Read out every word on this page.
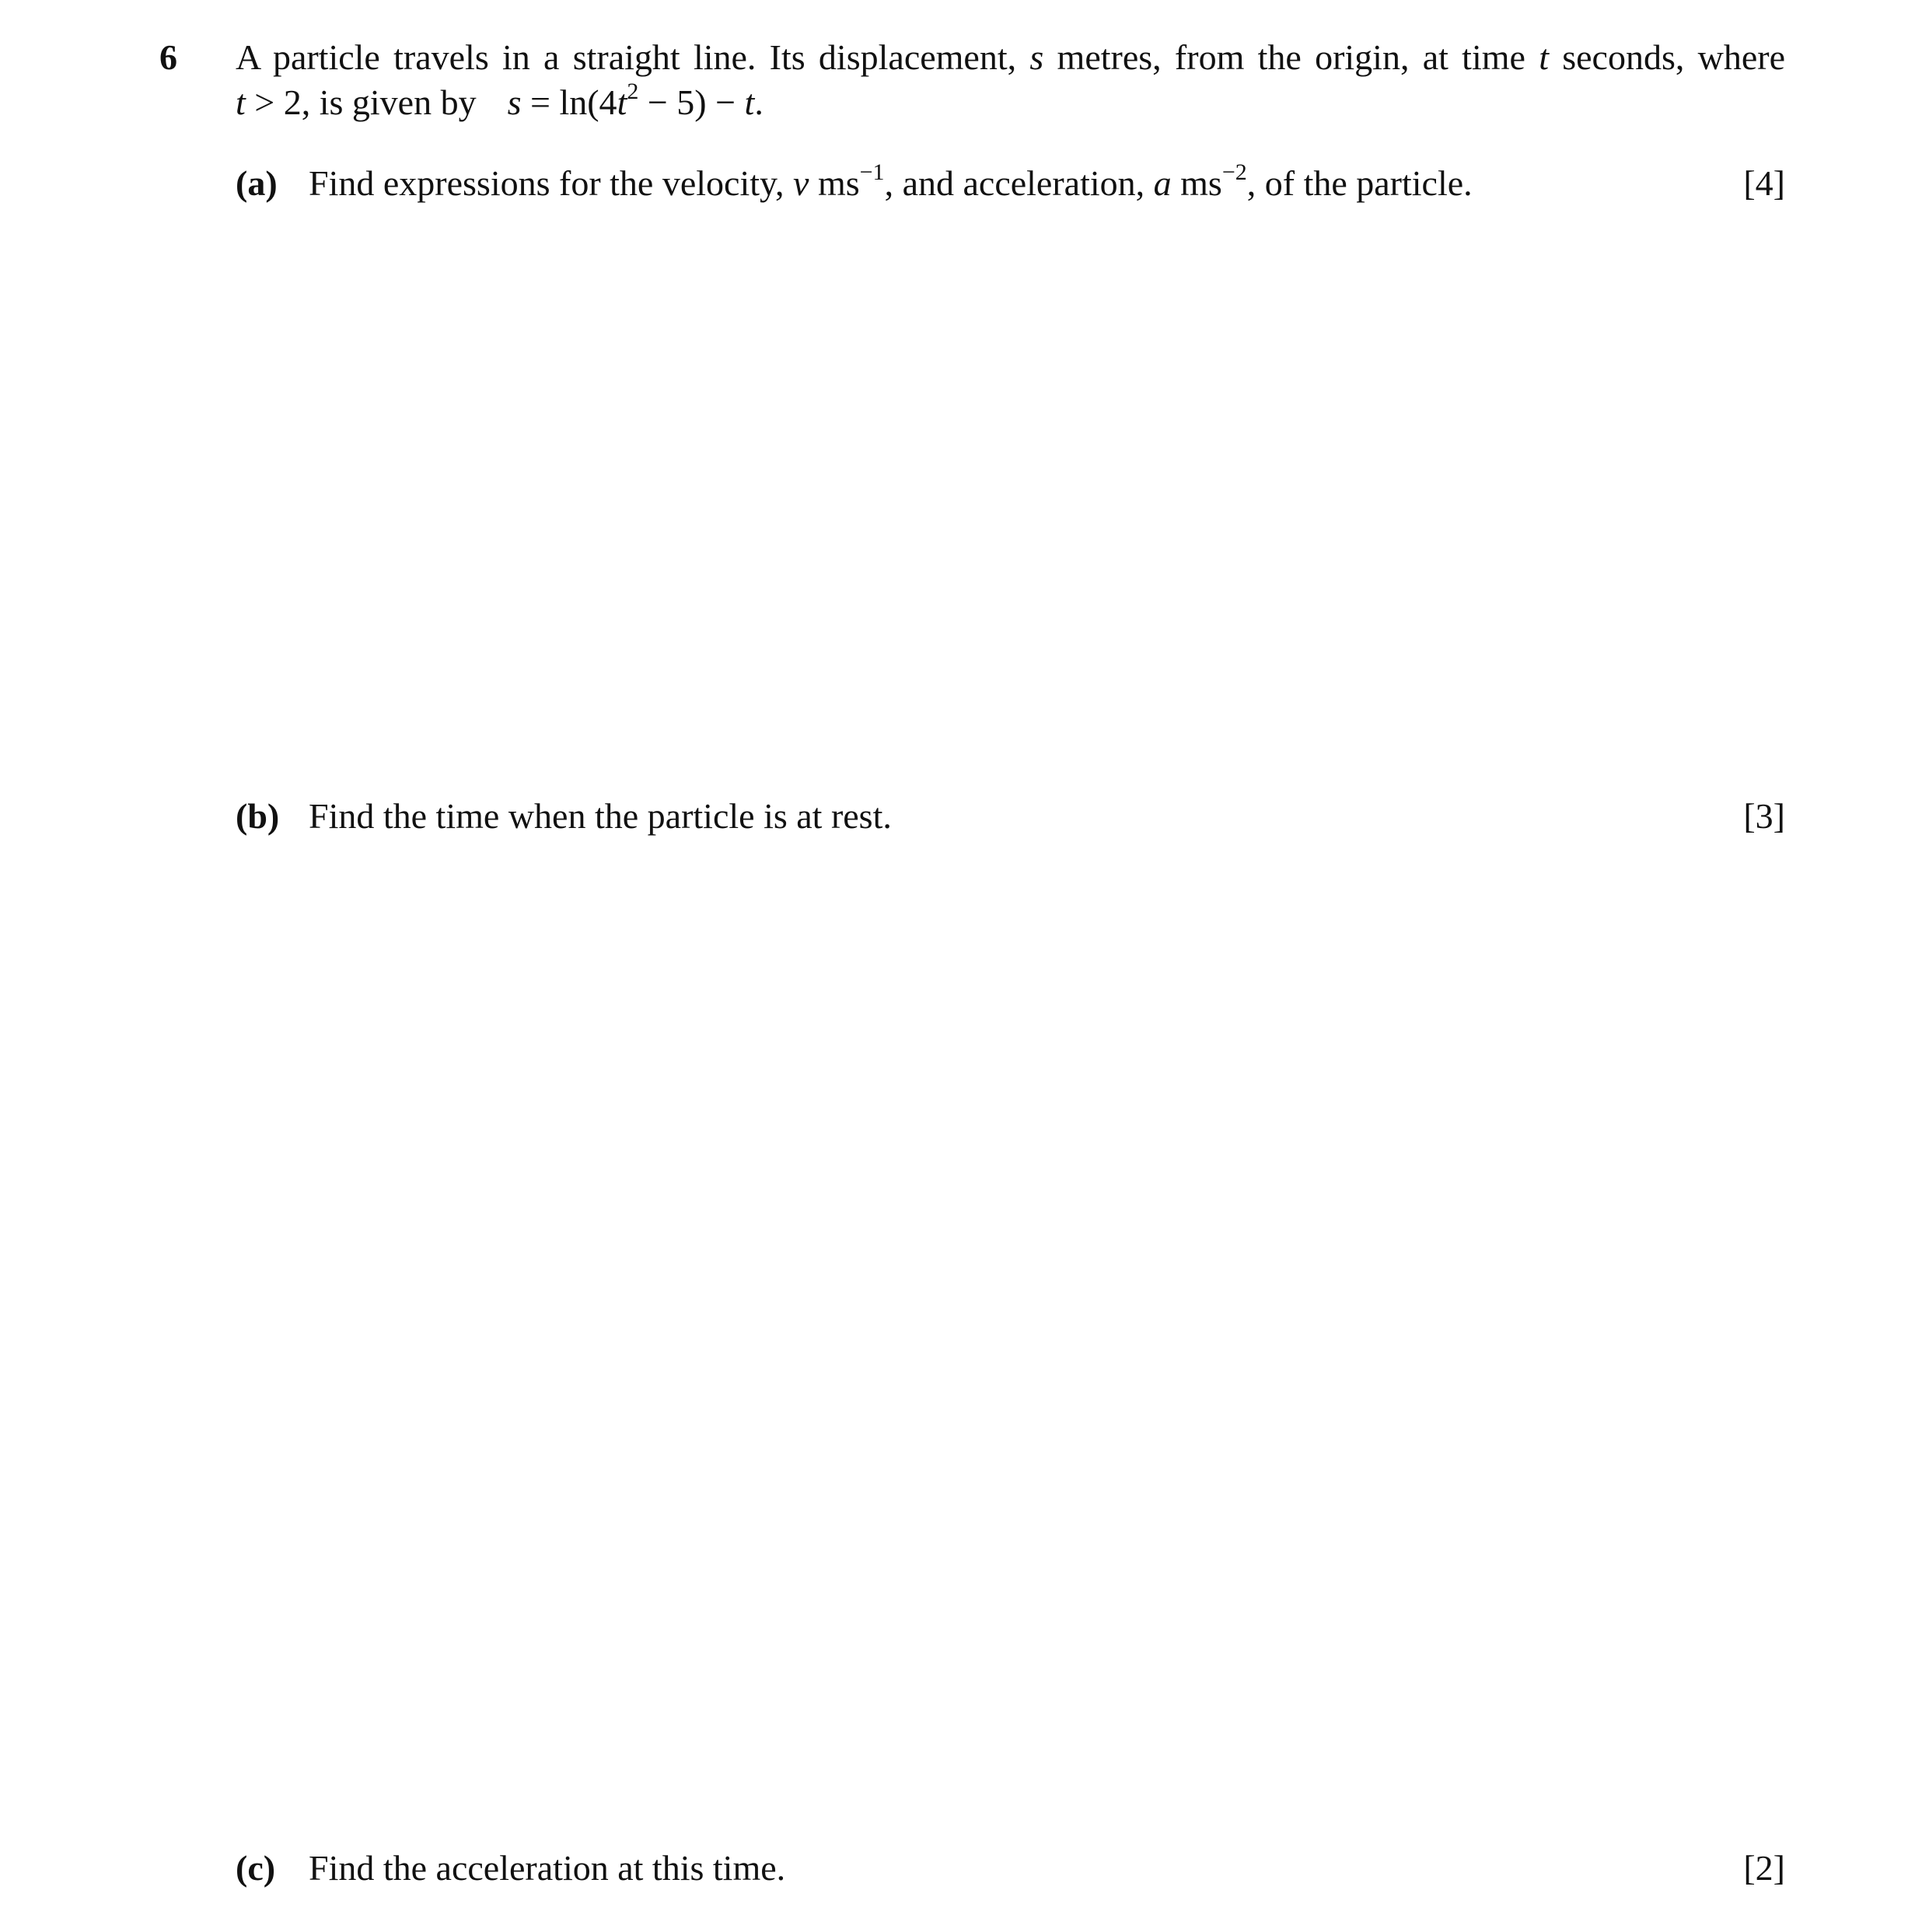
6 A particle travels in a straight line. Its displacement, s metres, from the origin, at time t seconds, where
t > 2, is given by $s = \ln(4t^2 - 5) - t$.
(a) Find expressions for the velocity, v $ms^{-1}$, and acceleration, a $ms^{-2}$, of the particle.	[4]
(b) Find the time when the particle is at rest.	[3]
(c) Find the acceleration at this time.	[2]
